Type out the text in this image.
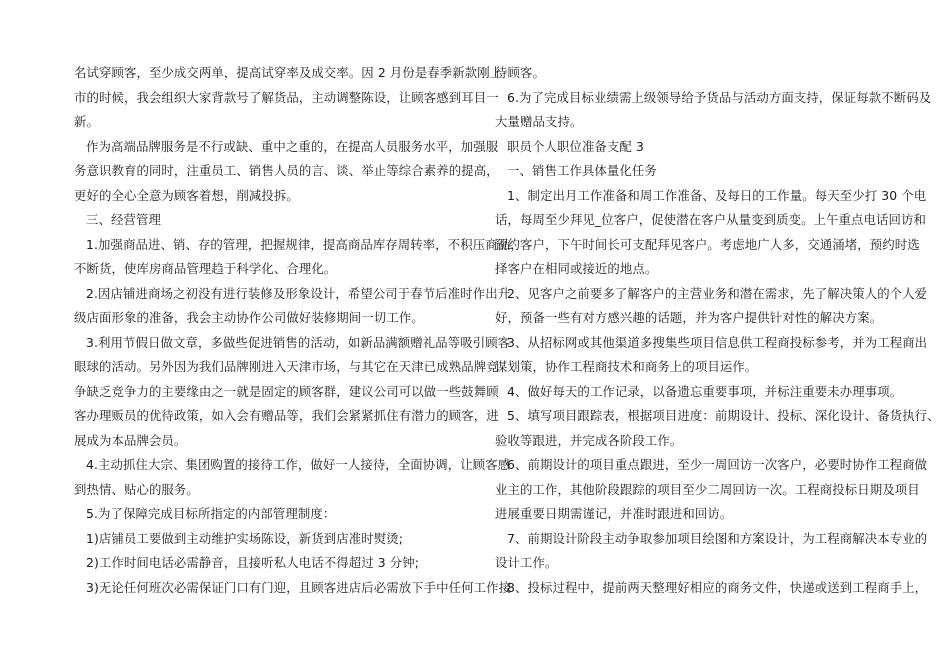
名试穿顾客，至少成交两单，提高试穿率及成交率。因 2 月份是春季新款刚上
市的时候，我会组织大家背款号了解货品，主动调整陈设，让顾客感到耳目一
新。
作为高端品牌服务是不行或缺、重中之重的，在提高人员服务水平，加强服
务意识教育的同时，注重员工、销售人员的言、谈、举止等综合素养的提高，
更好的全心全意为顾客着想，削减投拆。
三、经营管理
1.加强商品进、销、存的管理，把握规律，提高商品库存周转率，不积压商品，
不断货，使库房商品管理趋于科学化、合理化。
2.因店铺进商场之初没有进行装修及形象设计，希望公司于春节后准时作出升
级店面形象的准备，我会主动协作公司做好装修期间一切工作。
3.利用节假日做文章，多做些促进销售的活动，如新品满额赠礼品等吸引顾客
眼球的活动。另外因为我们品牌刚进入天津市场，与其它在天津已成熟品牌竞
争缺乏竞争力的主要缘由之一就是固定的顾客群，建议公司可以做一些鼓舞顾
客办理贩员的优待政策，如入会有赠品等，我们会紧紧抓住有潜力的顾客，进
展成为本品牌会员。
4.主动抓住大宗、集团购置的接待工作，做好一人接待，全面协调，让顾客感
到热情、贴心的服务。
5.为了保障完成目标所指定的内部管理制度：
1)店铺员工要做到主动维护实场陈设，新货到店准时熨烫;
2)工作时间电话必需静音，且接听私人电话不得超过 3 分钟;
3)无论任何班次必需保证门口有门迎，且顾客进店后必需放下手中任何工作接
待顾客。
6.为了完成目标业绩需上级领导给予货品与活动方面支持，保证每款不断码及
大量赠品支持。
职员个人职位准备支配 3
一、销售工作具体量化任务
1、制定出月工作准备和周工作准备、及每日的工作量。每天至少打 30 个电
话，每周至少拜见_位客户，促使潜在客户从量变到质变。上午重点电话回访和
预约客户，下午时间长可支配拜见客户。考虑地广人多，交通涌堵，预约时选
择客户在相同或接近的地点。
2、见客户之前要多了解客户的主营业务和潜在需求，先了解决策人的个人爱
好，预备一些有对方感兴趣的话题，并为客户提供针对性的解决方案。
3、从招标网或其他渠道多搜集些项目信息供工程商投标参考，并为工程商出
谋划策，协作工程商技术和商务上的项目运作。
4、做好每天的工作记录，以备遗忘重要事项，并标注重要未办理事项。
5、填写项目跟踪表，根据项目进度：前期设计、投标、深化设计、备货执行、
验收等跟进，并完成各阶段工作。
6、前期设计的项目重点跟进，至少一周回访一次客户，必要时协作工程商做
业主的工作，其他阶段跟踪的项目至少二周回访一次。工程商投标日期及项目
进展重要日期需谨记，并准时跟进和回访。
7、前期设计阶段主动争取参加项目绘图和方案设计，为工程商解决本专业的
设计工作。
8、投标过程中，提前两天整理好相应的商务文件，快递或送到工程商手上，
